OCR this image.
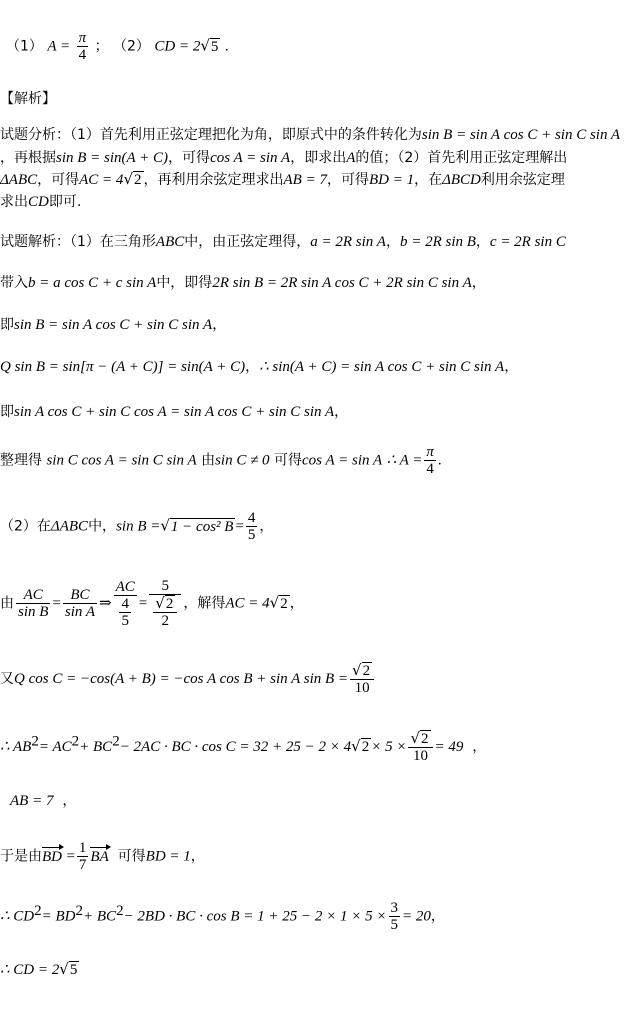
（1） $A = \frac{\pi}{4}$ ； （2） CD = 2√5 .
【解析】
试题分析：（1）首先利用正弦定理把化为角，即原式中的条件转化为sin B = sin A cos C + sin C sin A
，再根据sin B = sin(A + C)，可得cos A = sin A，即求出A的值；（2）首先利用正弦定理解出
ΔABC，可得AC = 4√2 ，再利用余弦定理求出AB = 7，可得BD = 1，在ΔBCD利用余弦定理
求出CD即可.
试题解析：（1）在三角形ABC中，由正弦定理得，a = 2R sin A，b = 2R sin B，c = 2R sin C
带入b = a cos C + c sin A中，即得2R sin B = 2R sin A cos C + 2R sin C sin A，
即sin B = sin A cos C + sin C sin A，
Q sin B = sin[π − (A + C)] = sin(A + C)，∴ sin(A + C) = sin A cos C + sin C sin A，
即sin A cos C + sin C cos A = sin A cos C + sin C sin A，
整理得 sin C cos A = sin C sin A 由sin C ≠ 0 可得cos A = sin A ∴ $A = \frac{\pi}{4}$ .
（2）在ΔABC中，sin B =√1 − cos² $B = \frac{4}{5}$ ，
由 $\frac{AC}{\text{sin B}} = \frac{BC}{\text{sin A}}$ ⇒ $\frac{AC}{\frac{4}{5}} = \frac{5}{\frac{√2}{2}}$ ，解得AC = 4√2 ，
又Q cos C = −cos(A + B) = −cos A cos B + sin A $\sin B = \frac{√2}{10}$
∴ $AB^2= AC^2+ BC^2- 2AC$ · BC · $\cos C = 32 + 25 - 2 \times 4√2 \times 5 \times \frac{√2}{10} = 49$ ，
AB = 7 ，
于是由BD = $\frac{1}{7}$ BA 可得BD = 1，
∴ $CD^2= BD^2+ BC^2- 2BD$ · BC · $\cos B = 1 + 25 - 2 \times 1 \times 5 \times \frac{3}{5} = 20$，
∴ CD = 2√5
